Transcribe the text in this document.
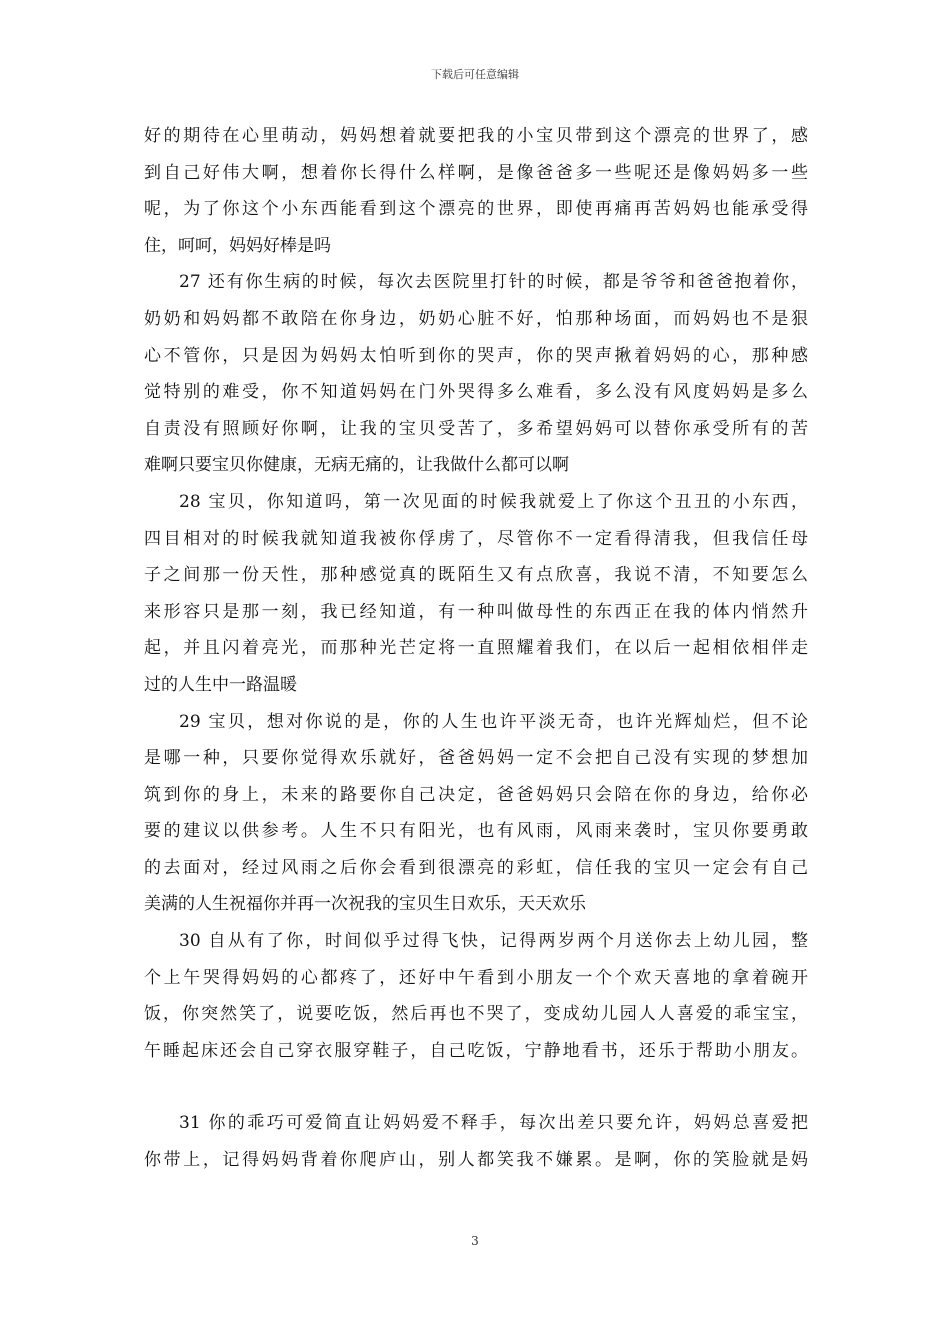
下载后可任意编辑
好的期待在心里萌动，妈妈想着就要把我的小宝贝带到这个漂亮的世界了，感
到自己好伟大啊，想着你长得什么样啊，是像爸爸多一些呢还是像妈妈多一些
呢，为了你这个小东西能看到这个漂亮的世界，即使再痛再苦妈妈也能承受得
住，呵呵，妈妈好棒是吗
27 还有你生病的时候，每次去医院里打针的时候，都是爷爷和爸爸抱着你，
奶奶和妈妈都不敢陪在你身边，奶奶心脏不好，怕那种场面，而妈妈也不是狠
心不管你，只是因为妈妈太怕听到你的哭声，你的哭声揪着妈妈的心，那种感
觉特别的难受，你不知道妈妈在门外哭得多么难看，多么没有风度妈妈是多么
自责没有照顾好你啊，让我的宝贝受苦了，多希望妈妈可以替你承受所有的苦
难啊只要宝贝你健康，无病无痛的，让我做什么都可以啊
28 宝贝，你知道吗，第一次见面的时候我就爱上了你这个丑丑的小东西，
四目相对的时候我就知道我被你俘虏了，尽管你不一定看得清我，但我信任母
子之间那一份天性，那种感觉真的既陌生又有点欣喜，我说不清，不知要怎么
来形容只是那一刻，我已经知道，有一种叫做母性的东西正在我的体内悄然升
起，并且闪着亮光，而那种光芒定将一直照耀着我们，在以后一起相依相伴走
过的人生中一路温暖
29 宝贝，想对你说的是，你的人生也许平淡无奇，也许光辉灿烂，但不论
是哪一种，只要你觉得欢乐就好，爸爸妈妈一定不会把自己没有实现的梦想加
筑到你的身上，未来的路要你自己决定，爸爸妈妈只会陪在你的身边，给你必
要的建议以供参考。人生不只有阳光，也有风雨，风雨来袭时，宝贝你要勇敢
的去面对，经过风雨之后你会看到很漂亮的彩虹，信任我的宝贝一定会有自己
美满的人生祝福你并再一次祝我的宝贝生日欢乐，天天欢乐
30 自从有了你，时间似乎过得飞快，记得两岁两个月送你去上幼儿园，整
个上午哭得妈妈的心都疼了，还好中午看到小朋友一个个欢天喜地的拿着碗开
饭，你突然笑了，说要吃饭，然后再也不哭了，变成幼儿园人人喜爱的乖宝宝，
午睡起床还会自己穿衣服穿鞋子，自己吃饭，宁静地看书，还乐于帮助小朋友。
31 你的乖巧可爱简直让妈妈爱不释手，每次出差只要允许，妈妈总喜爱把
你带上，记得妈妈背着你爬庐山，别人都笑我不嫌累。是啊，你的笑脸就是妈
3
